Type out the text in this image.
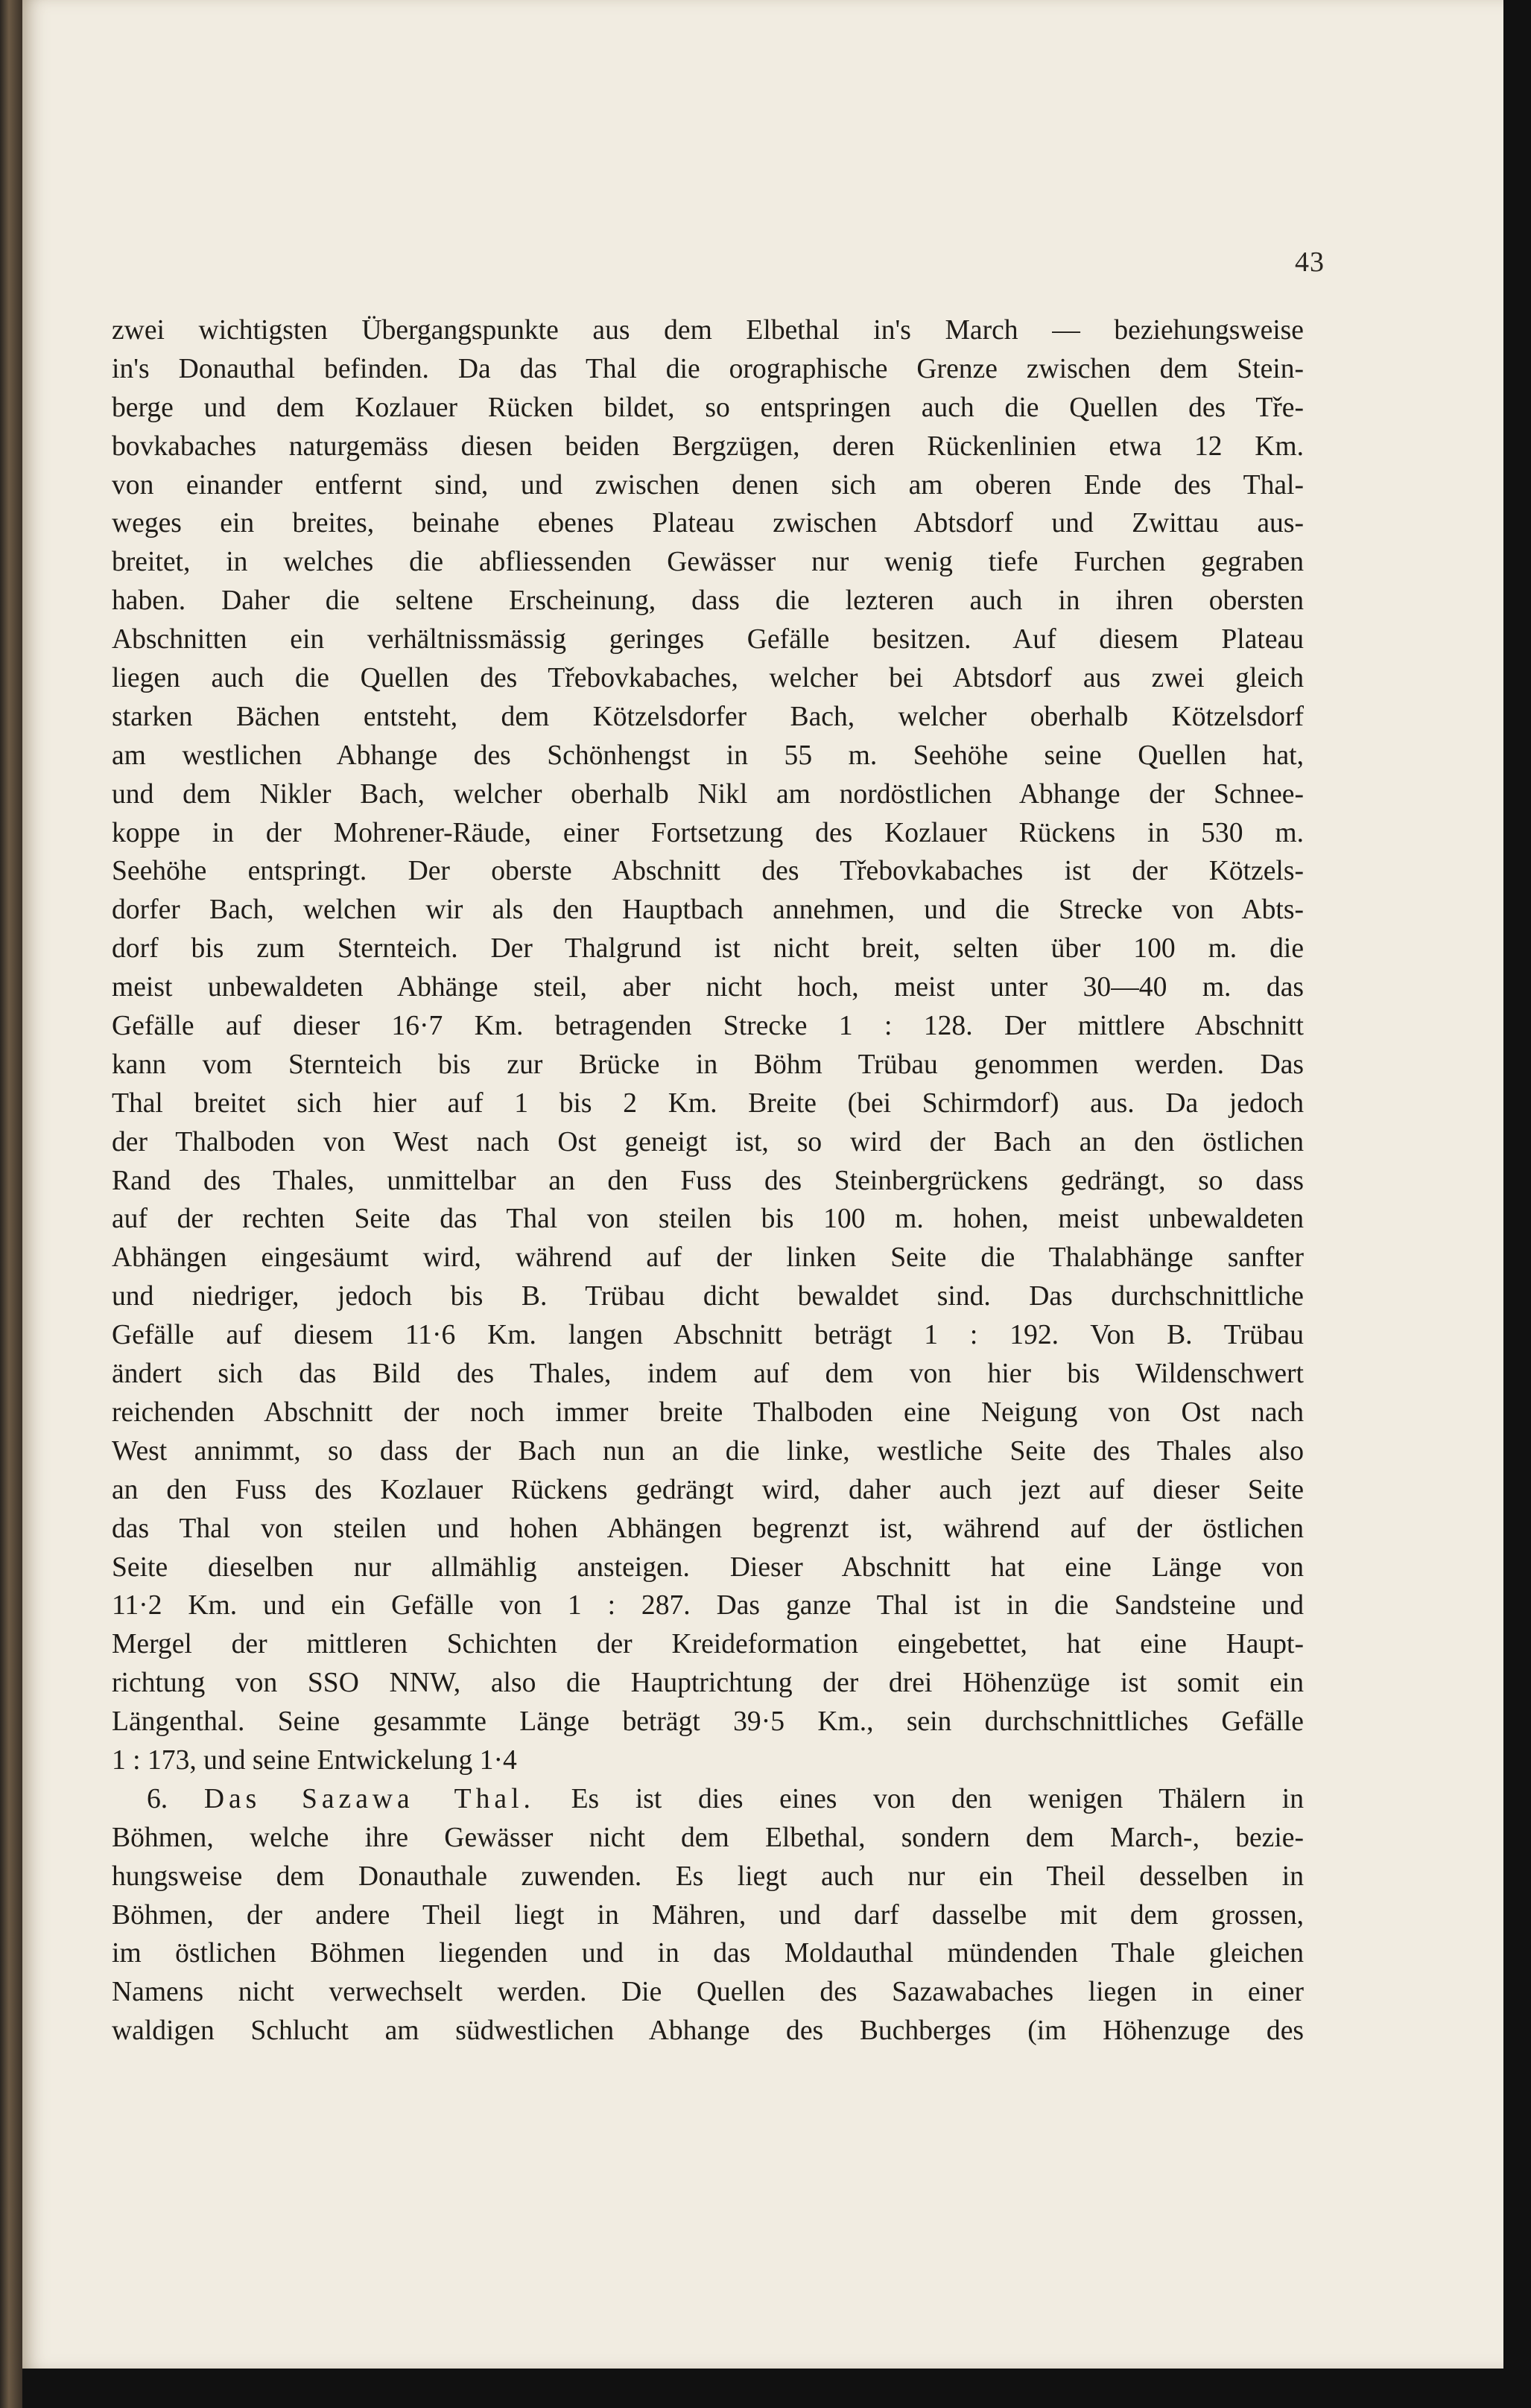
43
zwei wichtigsten Übergangspunkte aus dem Elbethal in's March — beziehungsweise
in's Donauthal befinden. Da das Thal die orographische Grenze zwischen dem Stein-
berge und dem Kozlauer Rücken bildet, so entspringen auch die Quellen des Tře-
bovkabaches naturgemäss diesen beiden Bergzügen, deren Rückenlinien etwa 12 Km.
von einander entfernt sind, und zwischen denen sich am oberen Ende des Thal-
weges ein breites, beinahe ebenes Plateau zwischen Abtsdorf und Zwittau aus-
breitet, in welches die abfliessenden Gewässer nur wenig tiefe Furchen gegraben
haben. Daher die seltene Erscheinung, dass die lezteren auch in ihren obersten
Abschnitten ein verhältnissmässig geringes Gefälle besitzen. Auf diesem Plateau
liegen auch die Quellen des Třebovkabaches, welcher bei Abtsdorf aus zwei gleich
starken Bächen entsteht, dem Kötzelsdorfer Bach, welcher oberhalb Kötzelsdorf
am westlichen Abhange des Schönhengst in 55 m. Seehöhe seine Quellen hat,
und dem Nikler Bach, welcher oberhalb Nikl am nordöstlichen Abhange der Schnee-
koppe in der Mohrener-Räude, einer Fortsetzung des Kozlauer Rückens in 530 m.
Seehöhe entspringt. Der oberste Abschnitt des Třebovkabaches ist der Kötzels-
dorfer Bach, welchen wir als den Hauptbach annehmen, und die Strecke von Abts-
dorf bis zum Sternteich. Der Thalgrund ist nicht breit, selten über 100 m. die
meist unbewaldeten Abhänge steil, aber nicht hoch, meist unter 30—40 m. das
Gefälle auf dieser 16·7 Km. betragenden Strecke 1 : 128. Der mittlere Abschnitt
kann vom Sternteich bis zur Brücke in Böhm Trübau genommen werden. Das
Thal breitet sich hier auf 1 bis 2 Km. Breite (bei Schirmdorf) aus. Da jedoch
der Thalboden von West nach Ost geneigt ist, so wird der Bach an den östlichen
Rand des Thales, unmittelbar an den Fuss des Steinbergrückens gedrängt, so dass
auf der rechten Seite das Thal von steilen bis 100 m. hohen, meist unbewaldeten
Abhängen eingesäumt wird, während auf der linken Seite die Thalabhänge sanfter
und niedriger, jedoch bis B. Trübau dicht bewaldet sind. Das durchschnittliche
Gefälle auf diesem 11·6 Km. langen Abschnitt beträgt 1 : 192. Von B. Trübau
ändert sich das Bild des Thales, indem auf dem von hier bis Wildenschwert
reichenden Abschnitt der noch immer breite Thalboden eine Neigung von Ost nach
West annimmt, so dass der Bach nun an die linke, westliche Seite des Thales also
an den Fuss des Kozlauer Rückens gedrängt wird, daher auch jezt auf dieser Seite
das Thal von steilen und hohen Abhängen begrenzt ist, während auf der östlichen
Seite dieselben nur allmählig ansteigen. Dieser Abschnitt hat eine Länge von
11·2 Km. und ein Gefälle von 1 : 287. Das ganze Thal ist in die Sandsteine und
Mergel der mittleren Schichten der Kreideformation eingebettet, hat eine Haupt-
richtung von SSO NNW, also die Hauptrichtung der drei Höhenzüge ist somit ein
Längenthal. Seine gesammte Länge beträgt 39·5 Km., sein durchschnittliches Gefälle
1 : 173, und seine Entwickelung 1·4
6. Das Sazawa Thal. Es ist dies eines von den wenigen Thälern in
Böhmen, welche ihre Gewässer nicht dem Elbethal, sondern dem March-, bezie-
hungsweise dem Donauthale zuwenden. Es liegt auch nur ein Theil desselben in
Böhmen, der andere Theil liegt in Mähren, und darf dasselbe mit dem grossen,
im östlichen Böhmen liegenden und in das Moldauthal mündenden Thale gleichen
Namens nicht verwechselt werden. Die Quellen des Sazawabaches liegen in einer
waldigen Schlucht am südwestlichen Abhange des Buchberges (im Höhenzuge des
